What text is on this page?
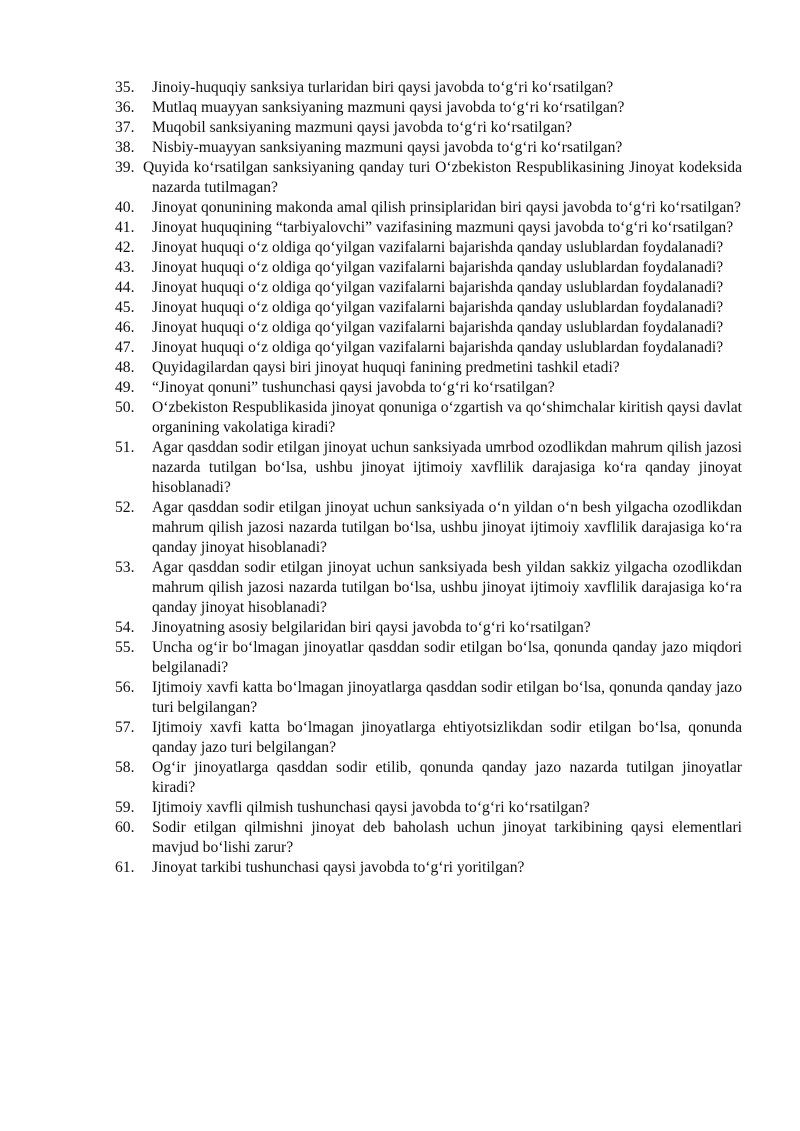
35.	Jinoiy-huquqiy sanksiya turlaridan biri qaysi javobda to‘g‘ri ko‘rsatilgan?
36.	Mutlaq muayyan sanksiyaning mazmuni qaysi javobda to‘g‘ri ko‘rsatilgan?
37.	Muqobil sanksiyaning mazmuni qaysi javobda to‘g‘ri ko‘rsatilgan?
38.	Nisbiy-muayyan sanksiyaning mazmuni qaysi javobda to‘g‘ri ko‘rsatilgan?
39. Quyida ko‘rsatilgan sanksiyaning qanday turi O‘zbekiston Respublikasining Jinoyat kodeksida nazarda tutilmagan?
40.	Jinoyat qonunining makonda amal qilish prinsiplaridan biri qaysi javobda to‘g‘ri ko‘rsatilgan?
41.	Jinoyat huquqining “tarbiyalovchi” vazifasining mazmuni qaysi javobda to‘g‘ri ko‘rsatilgan?
42.	Jinoyat huquqi o‘z oldiga qo‘yilgan vazifalarni bajarishda qanday uslublardan foydalanadi?
43.	Jinoyat huquqi o‘z oldiga qo‘yilgan vazifalarni bajarishda qanday uslublardan foydalanadi?
44.	Jinoyat huquqi o‘z oldiga qo‘yilgan vazifalarni bajarishda qanday uslublardan foydalanadi?
45.	Jinoyat huquqi o‘z oldiga qo‘yilgan vazifalarni bajarishda qanday uslublardan foydalanadi?
46.	Jinoyat huquqi o‘z oldiga qo‘yilgan vazifalarni bajarishda qanday uslublardan foydalanadi?
47.	Jinoyat huquqi o‘z oldiga qo‘yilgan vazifalarni bajarishda qanday uslublardan foydalanadi?
48.	Quyidagilardan qaysi biri jinoyat huquqi fanining predmetini tashkil etadi?
49.	“Jinoyat qonuni” tushunchasi qaysi javobda to‘g‘ri ko‘rsatilgan?
50.	O‘zbekiston Respublikasida jinoyat qonuniga o‘zgartish va qo‘shimchalar kiritish qaysi davlat organining vakolatiga kiradi?
51.	Agar qasddan sodir etilgan jinoyat uchun sanksiyada umrbod ozodlikdan mahrum qilish jazosi nazarda tutilgan bo‘lsa, ushbu jinoyat ijtimoiy xavflilik darajasiga ko‘ra qanday jinoyat hisoblanadi?
52.	Agar qasddan sodir etilgan jinoyat uchun sanksiyada o‘n yildan o‘n besh yilgacha ozodlikdan mahrum qilish jazosi nazarda tutilgan bo‘lsa, ushbu jinoyat ijtimoiy xavflilik darajasiga ko‘ra qanday jinoyat hisoblanadi?
53.	Agar qasddan sodir etilgan jinoyat uchun sanksiyada besh yildan sakkiz yilgacha ozodlikdan mahrum qilish jazosi nazarda tutilgan bo‘lsa, ushbu jinoyat ijtimoiy xavflilik darajasiga ko‘ra qanday jinoyat hisoblanadi?
54.	Jinoyatning asosiy belgilaridan biri qaysi javobda to‘g‘ri ko‘rsatilgan?
55.	Uncha og‘ir bo‘lmagan jinoyatlar qasddan sodir etilgan bo‘lsa, qonunda qanday jazo miqdori belgilanadi?
56.	Ijtimoiy xavfi katta bo‘lmagan jinoyatlarga qasddan sodir etilgan bo‘lsa, qonunda qanday jazo turi belgilangan?
57.	Ijtimoiy xavfi katta bo‘lmagan jinoyatlarga ehtiyotsizlikdan sodir etilgan bo‘lsa, qonunda qanday jazo turi belgilangan?
58.	Og‘ir jinoyatlarga qasddan sodir etilib, qonunda qanday jazo nazarda tutilgan jinoyatlar kiradi?
59.	Ijtimoiy xavfli qilmish tushunchasi qaysi javobda to‘g‘ri ko‘rsatilgan?
60.	Sodir etilgan qilmishni jinoyat deb baholash uchun jinoyat tarkibining qaysi elementlari mavjud bo‘lishi zarur?
61.	Jinoyat tarkibi tushunchasi qaysi javobda to‘g‘ri yoritilgan?
